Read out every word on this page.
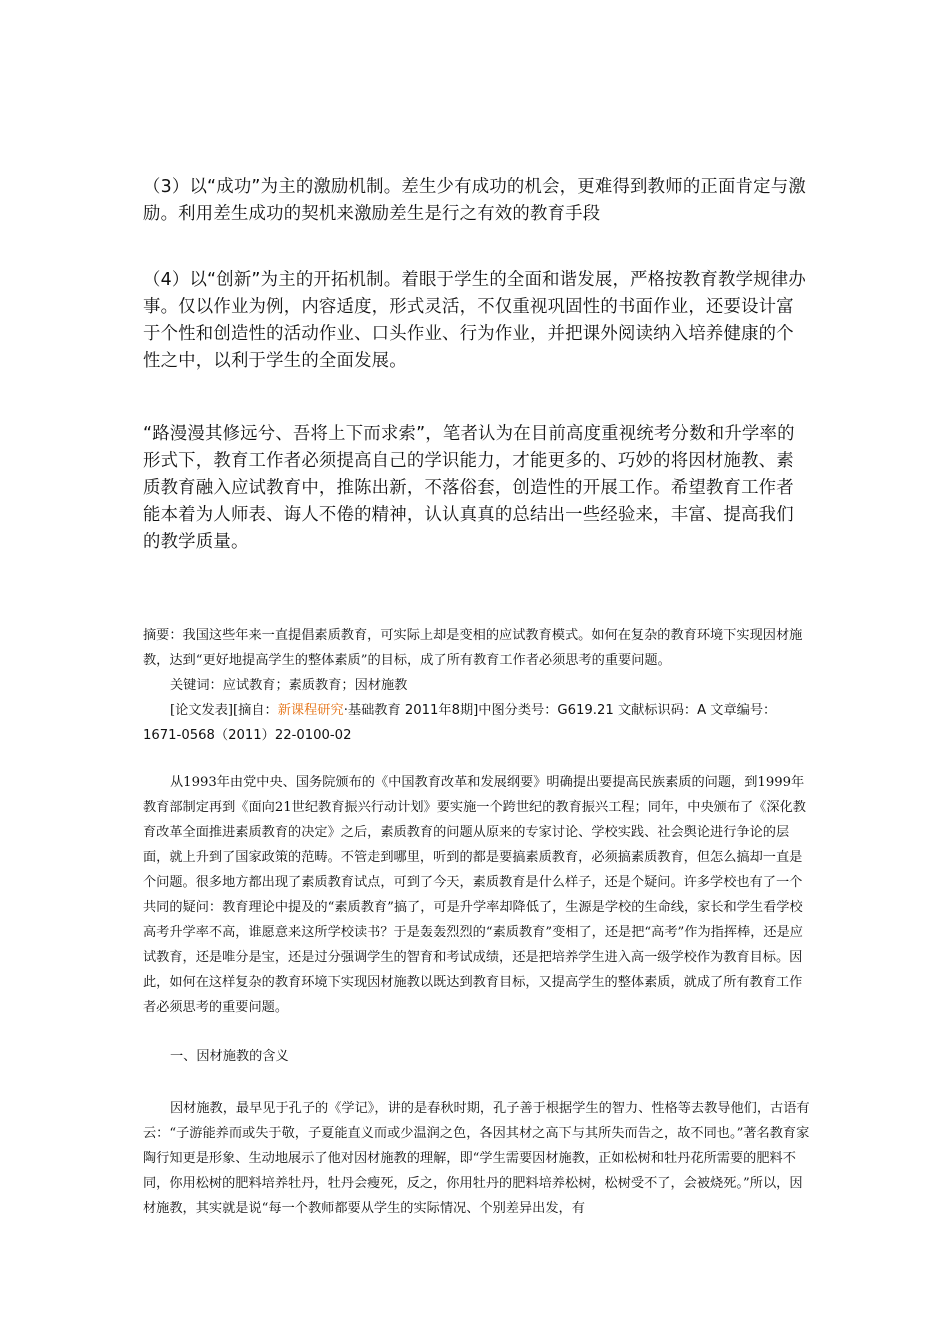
（3）以“成功”为主的激励机制。差生少有成功的机会，更难得到教师的正面肯定与激励。利用差生成功的契机来激励差生是行之有效的教育手段

（4）以“创新”为主的开拓机制。着眼于学生的全面和谐发展，严格按教育教学规律办事。仅以作业为例，内容适度，形式灵活，不仅重视巩固性的书面作业，还要设计富于个性和创造性的活动作业、口头作业、行为作业，并把课外阅读纳入培养健康的个性之中，以利于学生的全面发展。

“路漫漫其修远兮、吾将上下而求索”，笔者认为在目前高度重视统考分数和升学率的形式下，教育工作者必须提高自己的学识能力，才能更多的、巧妙的将因材施教、素质教育融入应试教育中，推陈出新，不落俗套，创造性的开展工作。希望教育工作者能本着为人师表、诲人不倦的精神，认认真真的总结出一些经验来，丰富、提高我们的教学质量。

摘要：我国这些年来一直提倡素质教育，可实际上却是变相的应试教育模式。如何在复杂的教育环境下实现因材施教，达到“更好地提高学生的整体素质”的目标，成了所有教育工作者必须思考的重要问题。

关键词：应试教育；素质教育；因材施教

[论文发表][摘自：新课程研究·基础教育 2011年8期]中图分类号：G619.21 文献标识码：A 文章编号：1671-0568（2011）22-0100-02

从1993年由党中央、国务院颁布的《中国教育改革和发展纲要》明确提出要提高民族素质的问题，到1999年教育部制定再到《面向21世纪教育振兴行动计划》要实施一个跨世纪的教育振兴工程；同年，中央颁布了《深化教育改革全面推进素质教育的决定》之后，素质教育的问题从原来的专家讨论、学校实践、社会舆论进行争论的层面，就上升到了国家政策的范畴。不管走到哪里，听到的都是要搞素质教育，必须搞素质教育，但怎么搞却一直是个问题。很多地方都出现了素质教育试点，可到了今天，素质教育是什么样子，还是个疑问。许多学校也有了一个共同的疑问：教育理论中提及的“素质教育”搞了，可是升学率却降低了，生源是学校的生命线，家长和学生看学校高考升学率不高，谁愿意来这所学校读书？于是轰轰烈烈的“素质教育”变相了，还是把“高考”作为指挥棒，还是应试教育，还是唯分是宝，还是过分强调学生的智育和考试成绩，还是把培养学生进入高一级学校作为教育目标。因此，如何在这样复杂的教育环境下实现因材施教以既达到教育目标，又提高学生的整体素质，就成了所有教育工作者必须思考的重要问题。

一、因材施教的含义

因材施教，最早见于孔子的《学记》，讲的是春秋时期，孔子善于根据学生的智力、性格等去教导他们，古语有云：“子游能养而或失于敬，子夏能直义而或少温润之色，各因其材之高下与其所失而告之，故不同也。”著名教育家陶行知更是形象、生动地展示了他对因材施教的理解，即“学生需要因材施教，正如松树和牡丹花所需要的肥料不同，你用松树的肥料培养牡丹，牡丹会瘦死，反之，你用牡丹的肥料培养松树，松树受不了，会被烧死。”所以，因材施教，其实就是说“每一个教师都要从学生的实际情况、个别差异出发，有
